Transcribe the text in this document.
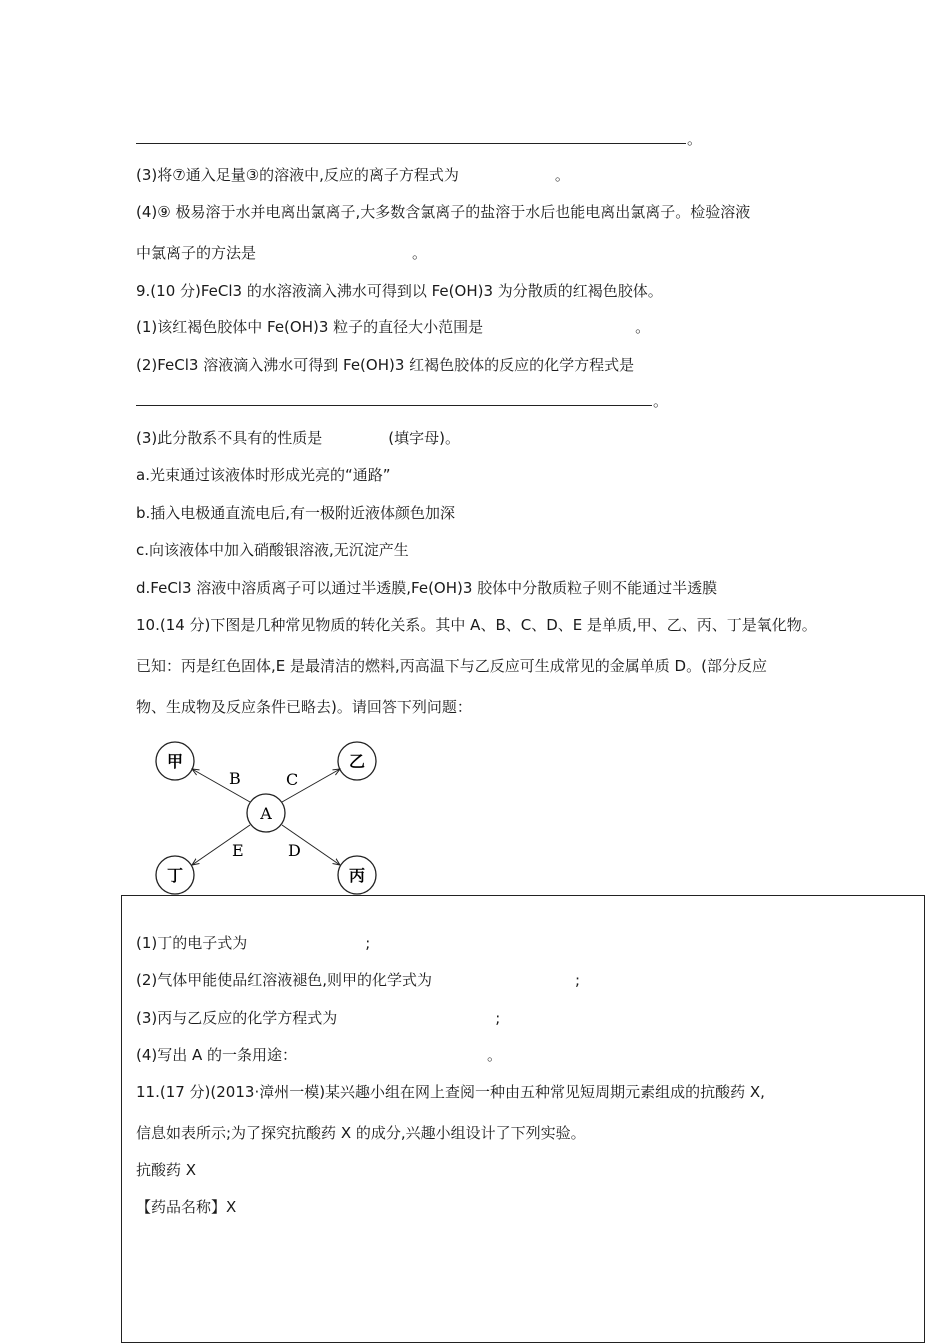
。
(3)将⑦通入足量③的溶液中,反应的离子方程式为	。
(4)⑨ 极易溶于水并电离出氯离子,大多数含氯离子的盐溶于水后也能电离出氯离子。检验溶液
中氯离子的方法是	。
9.(10 分)FeCl3 的水溶液滴入沸水可得到以 Fe(OH)3 为分散质的红褐色胶体。
(1)该红褐色胶体中 Fe(OH)3 粒子的直径大小范围是	。
(2)FeCl3 溶液滴入沸水可得到 Fe(OH)3 红褐色胶体的反应的化学方程式是
。
(3)此分散系不具有的性质是	(填字母)。
a.光束通过该液体时形成光亮的“通路”
b.插入电极通直流电后,有一极附近液体颜色加深
c.向该液体中加入硝酸银溶液,无沉淀产生
d.FeCl3 溶液中溶质离子可以通过半透膜,Fe(OH)3 胶体中分散质粒子则不能通过半透膜
10.(14 分)下图是几种常见物质的转化关系。其中 A、B、C、D、E 是单质,甲、乙、丙、丁是氧化物。
已知：丙是红色固体,E 是最清洁的燃料,丙高温下与乙反应可生成常见的金属单质 D。(部分反应
物、生成物及反应条件已略去)。请回答下列问题：
A
甲	乙
丁	丙
B	C
E	D
(1)丁的电子式为	;
(2)气体甲能使品红溶液褪色,则甲的化学式为	;
(3)丙与乙反应的化学方程式为	;
(4)写出 A 的一条用途：	。
11.(17 分)(2013·漳州一模)某兴趣小组在网上查阅一种由五种常见短周期元素组成的抗酸药 X,
信息如表所示;为了探究抗酸药 X 的成分,兴趣小组设计了下列实验。
抗酸药 X
【药品名称】X
